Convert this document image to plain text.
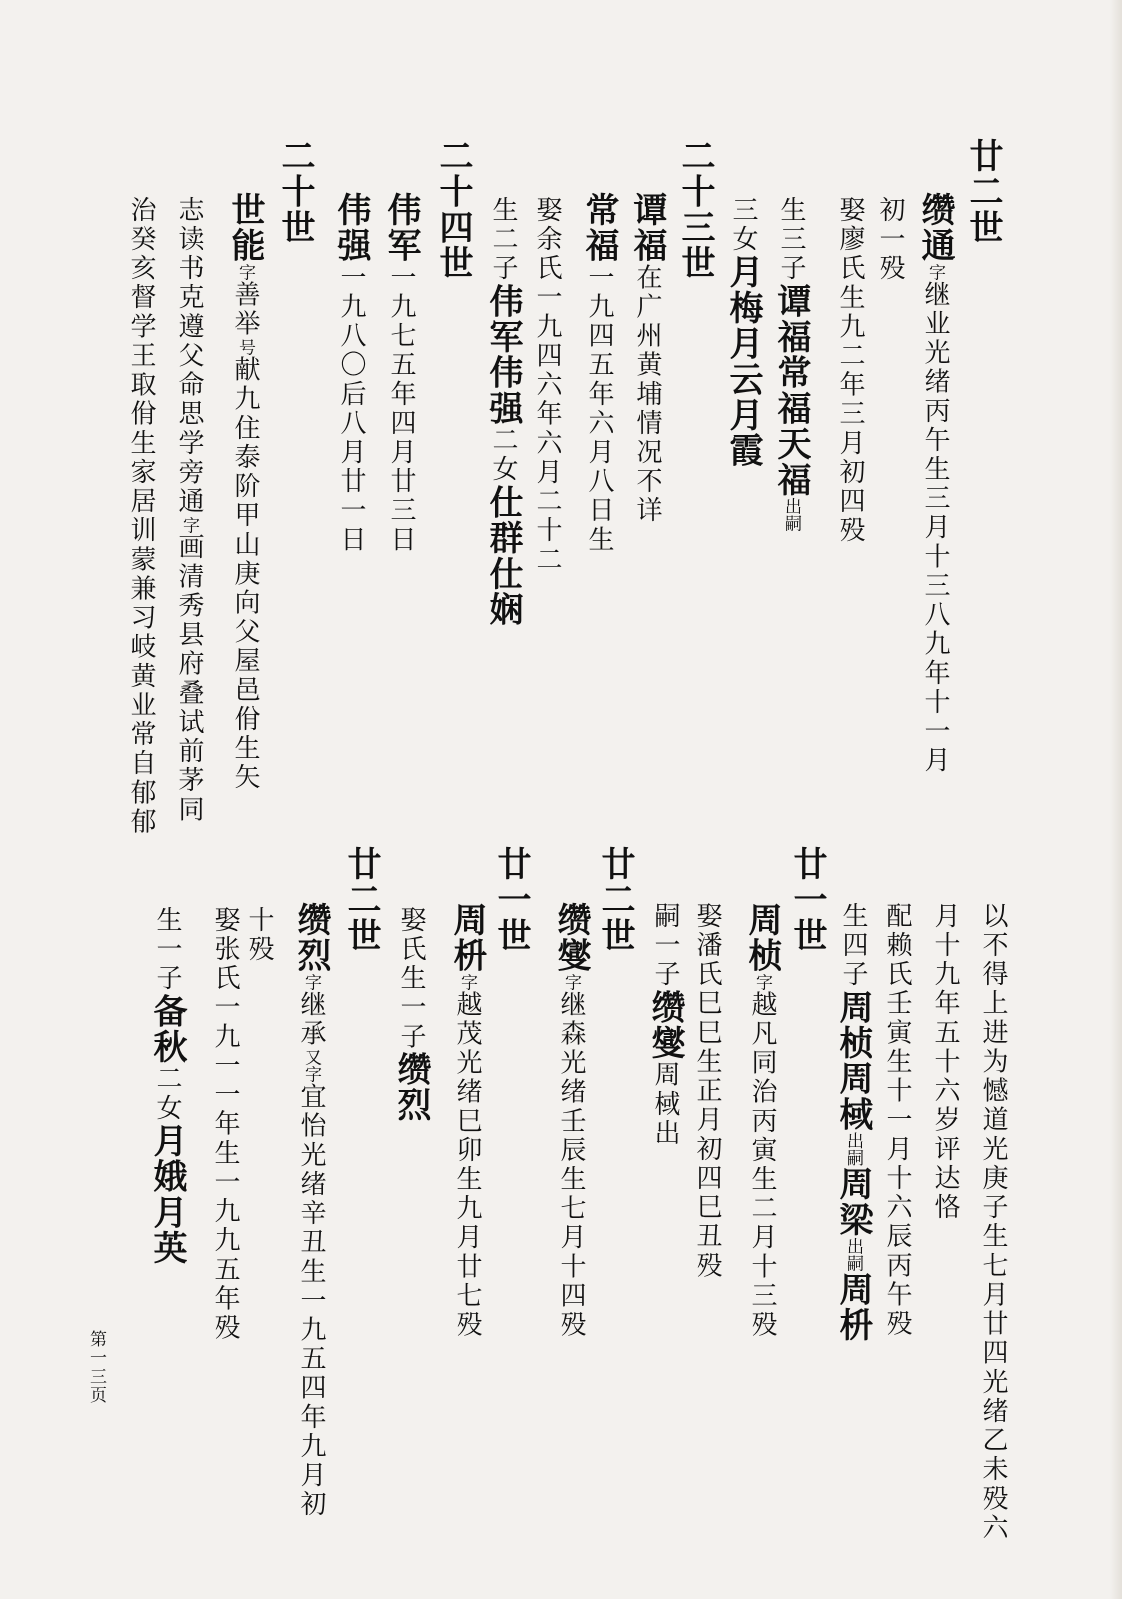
廿二世
缵通字继业光绪丙午生三月十三八九年十一月
初一殁
娶廖氏生九二年三月初四殁
生三子谭福常福天福出嗣
三女月梅月云月霞
二十三世
谭福在广州黄埔情况不详
常福一九四五年六月八日生
娶余氏一九四六年六月二十二
生二子伟军伟强二女仕群仕娴
二十四世
伟军一九七五年四月廿三日
伟强一九八〇后八月廿一日
二十世
世能字善举号献九住泰阶甲山庚向父屋邑佾生矢
志读书克遵父命思学旁通字画清秀县府叠试前茅同
治癸亥督学王取佾生家居训蒙兼习岐黄业常自郁郁
以不得上进为憾道光庚子生七月廿四光绪乙未殁六
月十九年五十六岁评达恪
配赖氏壬寅生十一月十六辰丙午殁
生四子周桢周棫出嗣周梁出嗣周枡
廿一世
周桢字越凡同治丙寅生二月十三殁
娶潘氏巳巳生正月初四巳丑殁
嗣一子缵燮周棫出
廿二世
缵燮字继森光绪壬辰生七月十四殁
廿一世
周枡字越茂光绪巳卯生九月廿七殁
娶氏生一子缵烈
廿二世
缵烈字继承又字宜怡光绪辛丑生一九五四年九月初
十殁
娶张氏一九一一年生一九九五年殁
生一子备秋二女月娥月英
第一三页
